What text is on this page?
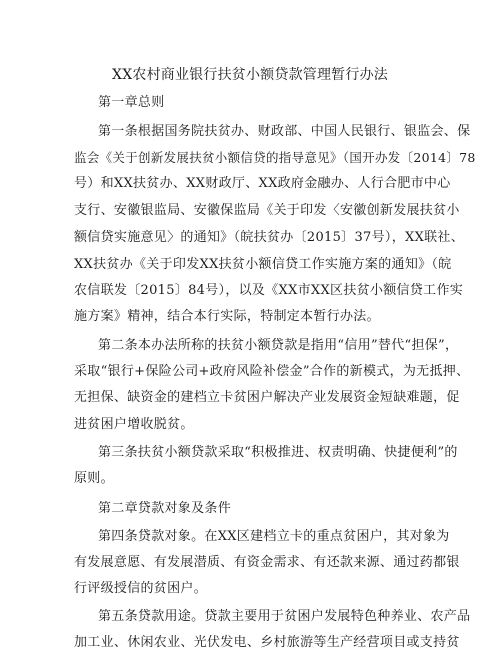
XX农村商业银行扶贫小额贷款管理暂行办法
第一章总则
第一条根据国务院扶贫办、财政部、中国人民银行、银监会、保
监会《关于创新发展扶贫小额信贷的指导意见》（国开办发〔2014〕78
号）和XX扶贫办、XX财政厅、XX政府金融办、人行合肥市中心
支行、安徽银监局、安徽保监局《关于印发〈安徽创新发展扶贫小
额信贷实施意见〉的通知》（皖扶贫办〔2015〕37号），XX联社、
XX扶贫办《关于印发XX扶贫小额信贷工作实施方案的通知》（皖
农信联发〔2015〕84号），以及《XX市XX区扶贫小额信贷工作实
施方案》精神，结合本行实际，特制定本暂行办法。
第二条本办法所称的扶贫小额贷款是指用“信用”替代“担保”，
采取“银行+保险公司+政府风险补偿金”合作的新模式，为无抵押、
无担保、缺资金的建档立卡贫困户解决产业发展资金短缺难题，促
进贫困户增收脱贫。
第三条扶贫小额贷款采取“积极推进、权责明确、快捷便利”的
原则。
第二章贷款对象及条件
第四条贷款对象。在XX区建档立卡的重点贫困户，其对象为
有发展意愿、有发展潜质、有资金需求、有还款来源、通过药都银
行评级授信的贫困户。
第五条贷款用途。贷款主要用于贫困户发展特色种养业、农产品
加工业、休闲农业、光伏发电、乡村旅游等生产经营项目或支持贫
